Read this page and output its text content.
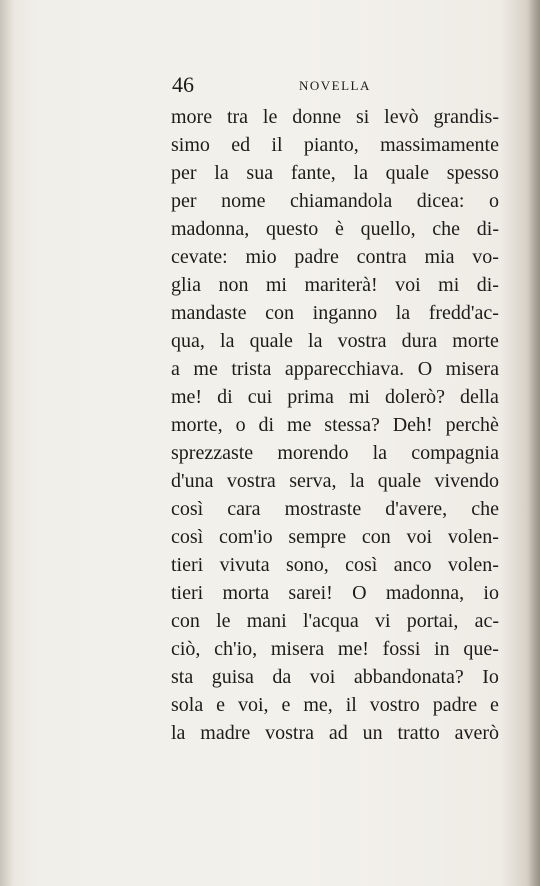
46	NOVELLA
more tra le donne si levò grandis-
simo ed il pianto, massimamente
per la sua fante, la quale spesso
per nome chiamandola dicea: o
madonna, questo è quello, che di-
cevate: mio padre contra mia vo-
glia non mi mariterà! voi mi di-
mandaste con inganno la fredd'ac-
qua, la quale la vostra dura morte
a me trista apparecchiava. O misera
me! di cui prima mi dolerò? della
morte, o di me stessa? Deh! perchè
sprezzaste morendo la compagnia
d'una vostra serva, la quale vivendo
così cara mostraste d'avere, che
così com'io sempre con voi volen-
tieri vivuta sono, così anco volen-
tieri morta sarei! O madonna, io
con le mani l'acqua vi portai, ac-
ciò, ch'io, misera me! fossi in que-
sta guisa da voi abbandonata? Io
sola e voi, e me, il vostro padre e
la madre vostra ad un tratto averò
